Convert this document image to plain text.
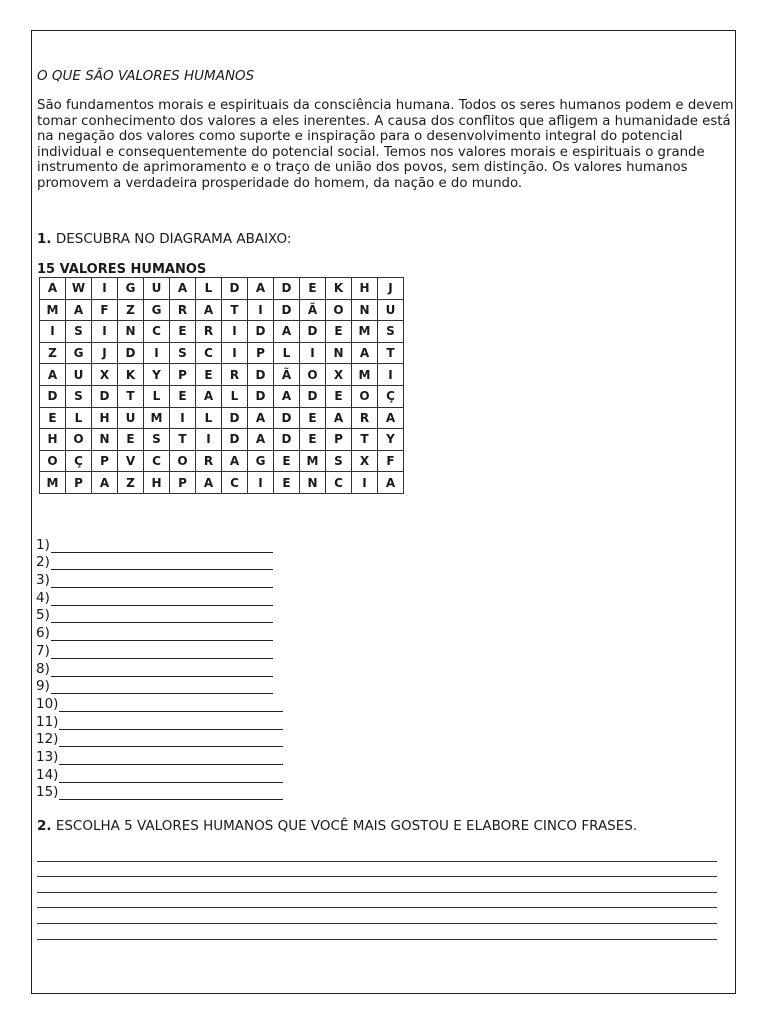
O QUE SÃO VALORES HUMANOS
São fundamentos morais e espirituais da consciência humana. Todos os seres humanos podem e devem tomar conhecimento dos valores a eles inerentes. A causa dos conflitos que afligem a humanidade está na negação dos valores como suporte e inspiração para o desenvolvimento integral do potencial individual e consequentemente do potencial social. Temos nos valores morais e espirituais o grande instrumento de aprimoramento e o traço de união dos povos, sem distinção. Os valores humanos promovem a verdadeira prosperidade do homem, da nação e do mundo.
1. DESCUBRA NO DIAGRAMA ABAIXO:
15 VALORES HUMANOS
A	W	I	G	U	A	L	D	A	D	E	K	H	J
M	A	F	Z	G	R	A	T	I	D	Ã	O	N	U
I	S	I	N	C	E	R	I	D	A	D	E	M	S
Z	G	J	D	I	S	C	I	P	L	I	N	A	T
A	U	X	K	Y	P	E	R	D	Ã	O	X	M	I
D	S	D	T	L	E	A	L	D	A	D	E	O	Ç
E	L	H	U	M	I	L	D	A	D	E	A	R	A
H	O	N	E	S	T	I	D	A	D	E	P	T	Y
O	Ç	P	V	C	O	R	A	G	E	M	S	X	F
M	P	A	Z	H	P	A	C	I	E	N	C	I	A
1)
2)
3)
4)
5)
6)
7)
8)
9)
10)
11)
12)
13)
14)
15)
2. ESCOLHA 5 VALORES HUMANOS QUE VOCÊ MAIS GOSTOU E ELABORE CINCO FRASES.
